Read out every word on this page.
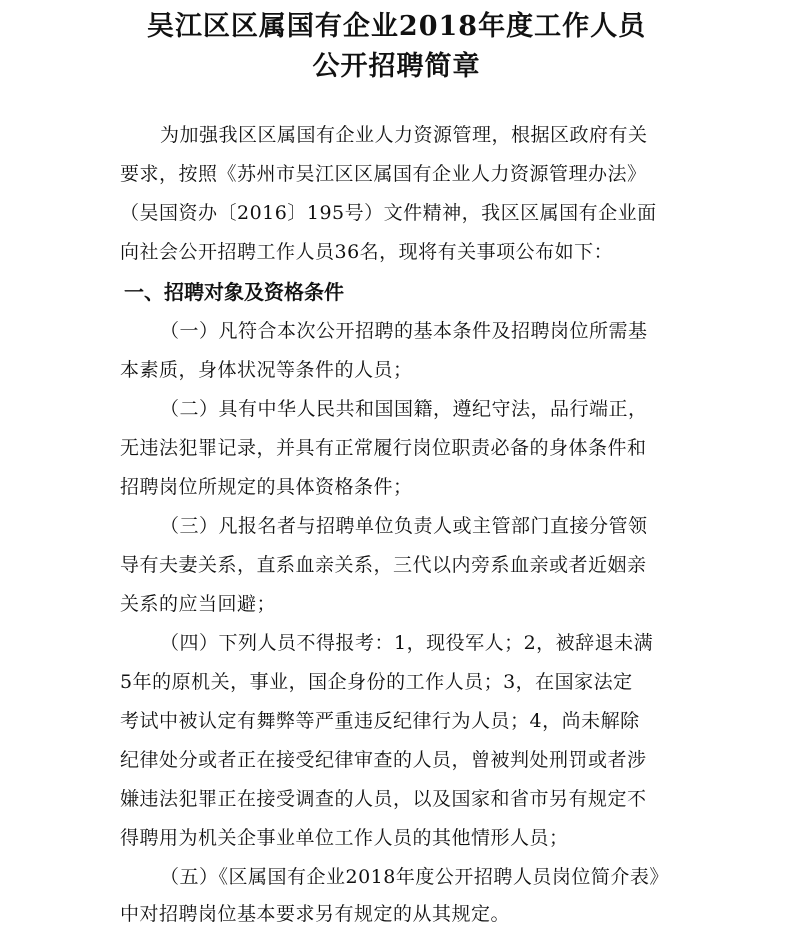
吴江区区属国有企业2018年度工作人员
公开招聘简章
为加强我区区属国有企业人力资源管理，根据区政府有关
要求，按照《苏州市吴江区区属国有企业人力资源管理办法》
（吴国资办〔2016〕195号）文件精神，我区区属国有企业面
向社会公开招聘工作人员36名，现将有关事项公布如下：
一、招聘对象及资格条件
（一）凡符合本次公开招聘的基本条件及招聘岗位所需基
本素质，身体状况等条件的人员；
（二）具有中华人民共和国国籍，遵纪守法，品行端正，
无违法犯罪记录，并具有正常履行岗位职责必备的身体条件和
招聘岗位所规定的具体资格条件；
（三）凡报名者与招聘单位负责人或主管部门直接分管领
导有夫妻关系，直系血亲关系，三代以内旁系血亲或者近姻亲
关系的应当回避；
（四）下列人员不得报考：1，现役军人；2，被辞退未满
5年的原机关，事业，国企身份的工作人员；3，在国家法定
考试中被认定有舞弊等严重违反纪律行为人员；4，尚未解除
纪律处分或者正在接受纪律审查的人员，曾被判处刑罚或者涉
嫌违法犯罪正在接受调查的人员，以及国家和省市另有规定不
得聘用为机关企事业单位工作人员的其他情形人员；
（五）《区属国有企业2018年度公开招聘人员岗位简介表》
中对招聘岗位基本要求另有规定的从其规定。
